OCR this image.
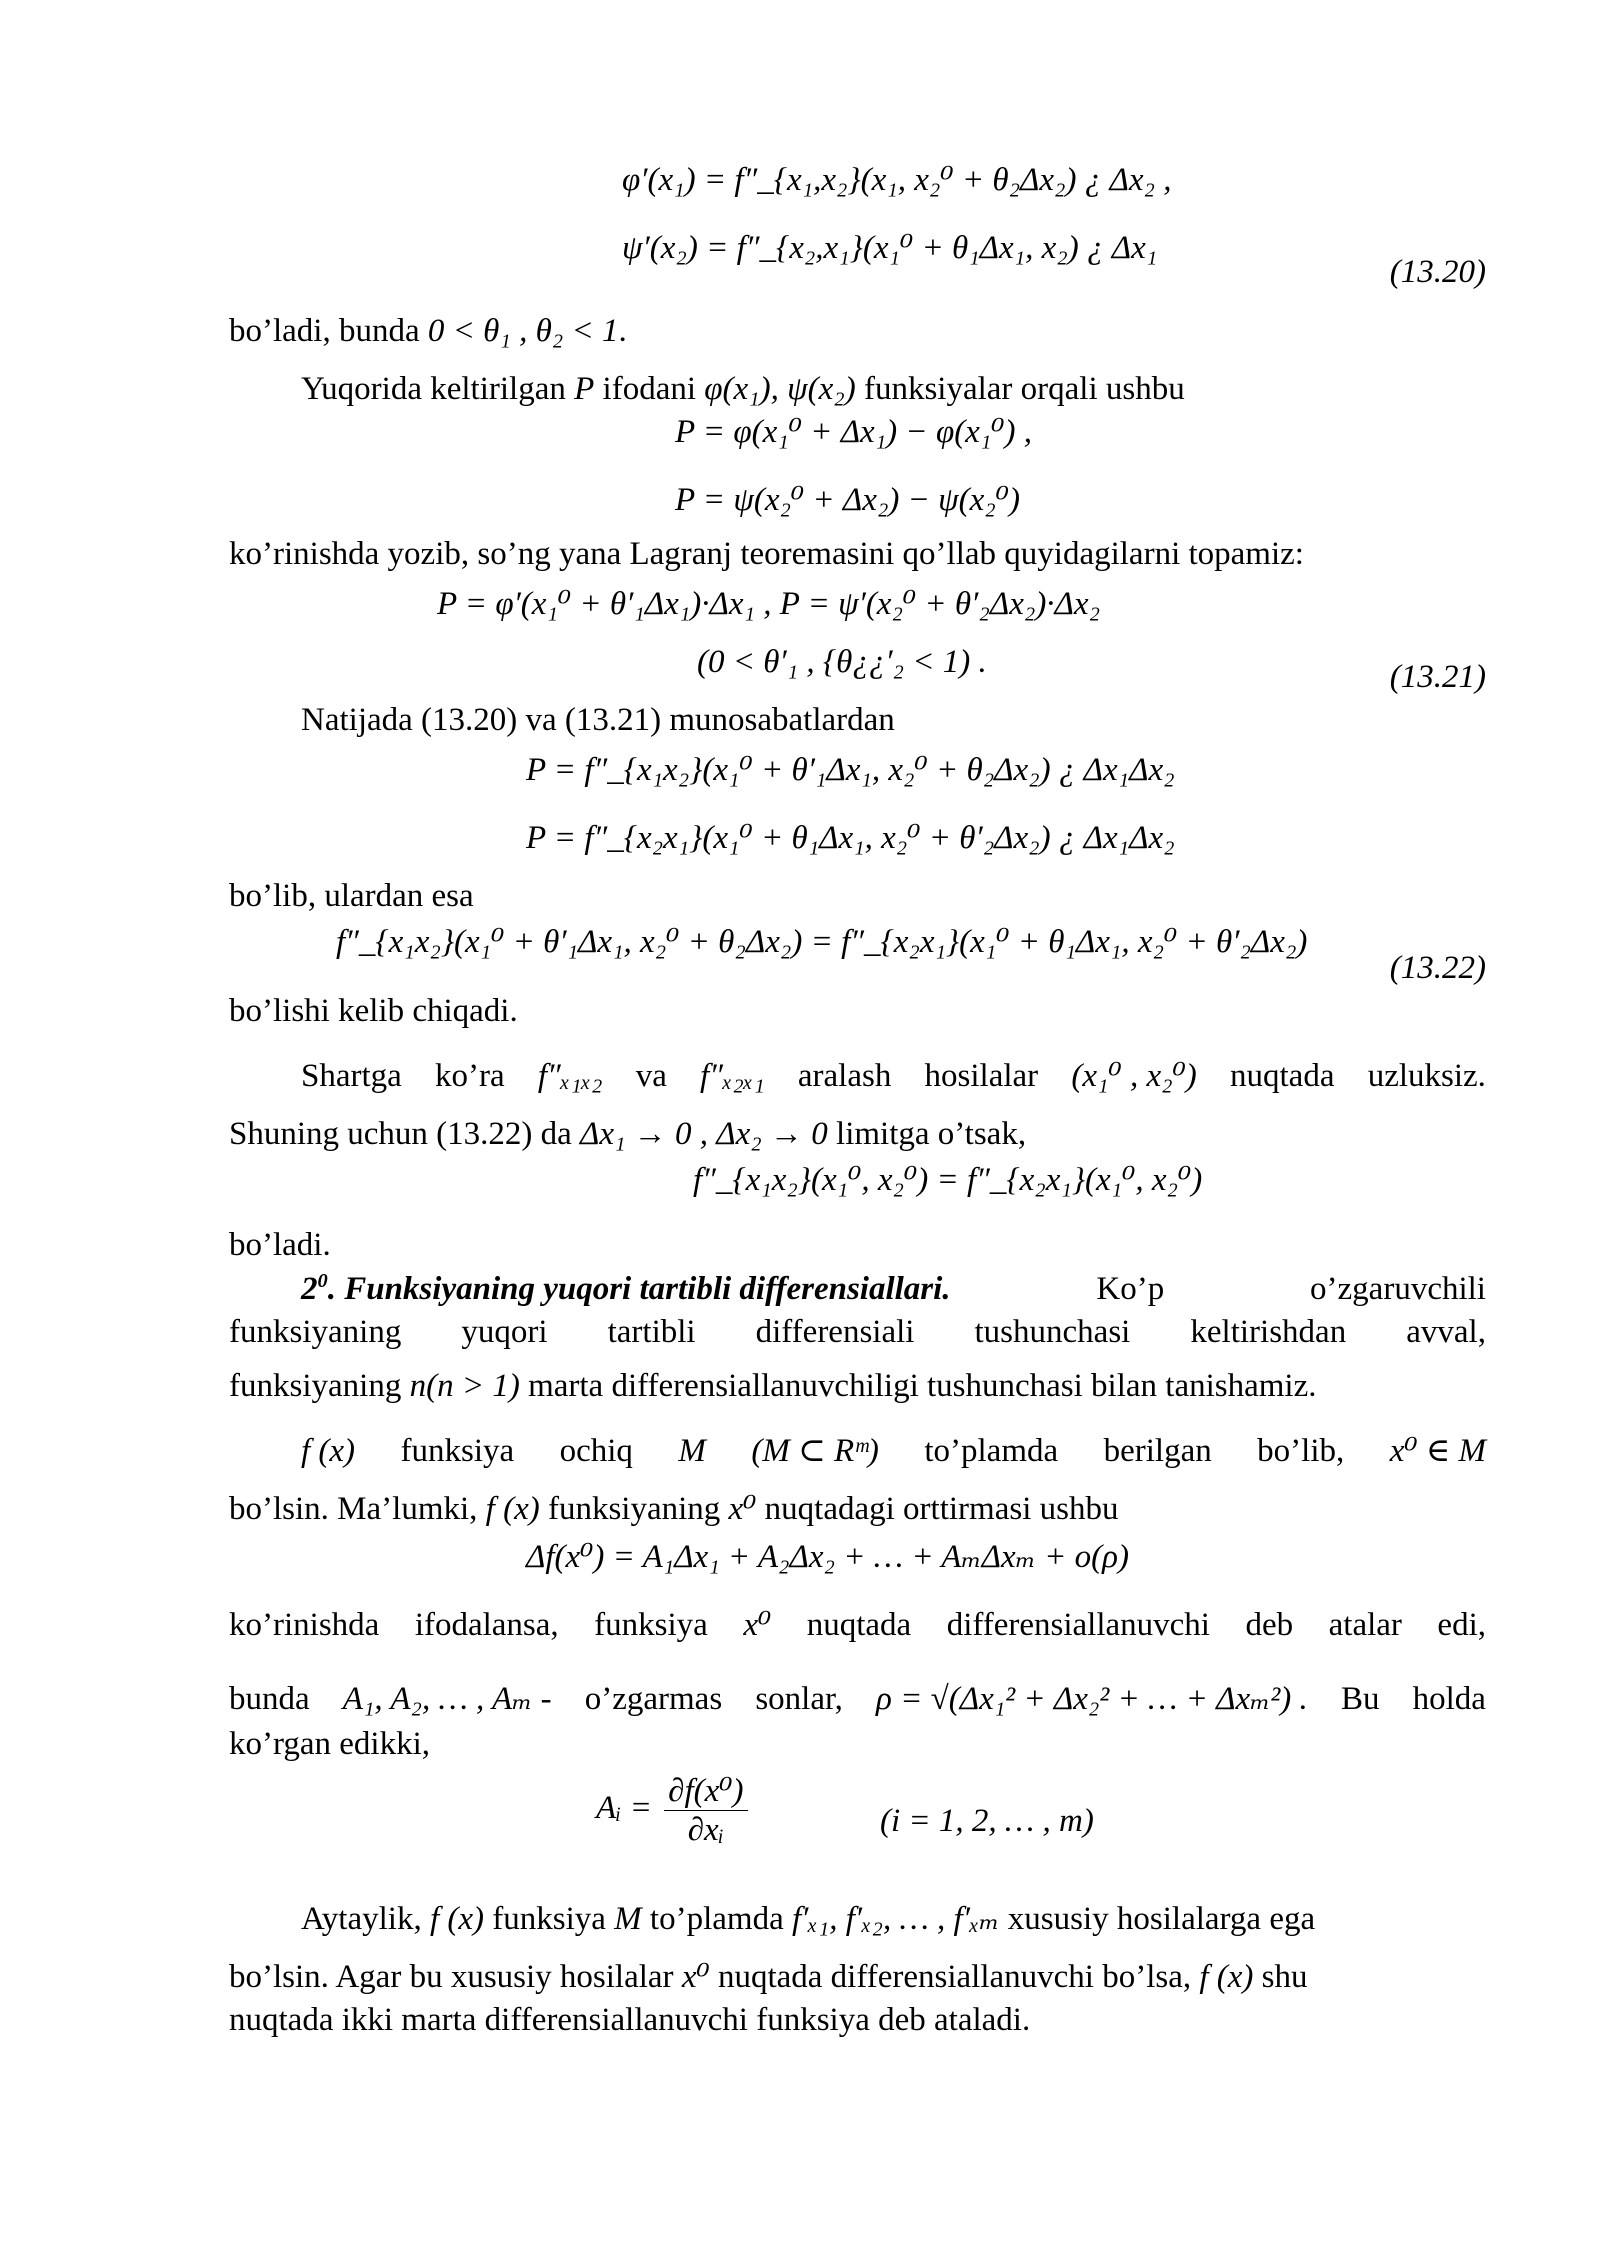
φ′(x₁) = f″_{x₁,x₂}(x₁, x₂⁰ + θ₂Δx₂) ¿ Δx₂ ,
ψ′(x₂) = f″_{x₂,x₁}(x₁⁰ + θ₁Δx₁, x₂) ¿ Δx₁
(13.20)
bo’ladi, bunda 0 < θ₁ , θ₂ < 1.
Yuqorida keltirilgan P ifodani φ(x₁), ψ(x₂) funksiyalar orqali ushbu
P = φ(x₁⁰ + Δx₁) − φ(x₁⁰) ,
P = ψ(x₂⁰ + Δx₂) − ψ(x₂⁰)
ko’rinishda yozib, so’ng yana Lagranj teoremasini qo’llab quyidagilarni topamiz:
P = φ′(x₁⁰ + θ′₁Δx₁)·Δx₁ , P = ψ′(x₂⁰ + θ′₂Δx₂)·Δx₂
(0 < θ′₁ , {θ¿¿′₂ < 1) .	(13.21)
Natijada (13.20) va (13.21) munosabatlardan
P = f″_{x₁x₂}(x₁⁰ + θ′₁Δx₁, x₂⁰ + θ₂Δx₂) ¿ Δx₁Δx₂
P = f″_{x₂x₁}(x₁⁰ + θ₁Δx₁, x₂⁰ + θ′₂Δx₂) ¿ Δx₁Δx₂
bo’lib, ulardan esa
f″_{x₁x₂}(x₁⁰ + θ′₁Δx₁, x₂⁰ + θ₂Δx₂) = f″_{x₂x₁}(x₁⁰ + θ₁Δx₁, x₂⁰ + θ′₂Δx₂)
(13.22)
bo’lishi kelib chiqadi.
Shartga ko’ra f″ₓ₁ₓ₂ va f″ₓ₂ₓ₁ aralash hosilalar (x₁⁰ , x₂⁰) nuqtada uzluksiz.
Shuning uchun (13.22) da Δx₁ → 0 , Δx₂ → 0 limitga o’tsak,
f″_{x₁x₂}(x₁⁰, x₂⁰) = f″_{x₂x₁}(x₁⁰, x₂⁰)
bo’ladi.
$2^0$. Funksiyaning yuqori tartibli differensiallari.	Ko’p	o’zgaruvchili
funksiyaning yuqori tartibli differensiali tushunchasi keltirishdan avval,
funksiyaning n(n > 1) marta differensiallanuvchiligi tushunchasi bilan tanishamiz.
f (x) funksiya ochiq M (M ⊂ Rᵐ) to’plamda berilgan bo’lib, x⁰ ∈ M
bo’lsin. Ma’lumki, f (x) funksiyaning x⁰ nuqtadagi orttirmasi ushbu
Δf(x⁰) = A₁Δx₁ + A₂Δx₂ + … + AₘΔxₘ + o(ρ)
ko’rinishda ifodalansa, funksiya x⁰ nuqtada differensiallanuvchi deb atalar edi,
bunda A₁, A₂, … , Aₘ - o’zgarmas sonlar, ρ = √(Δx₁² + Δx₂² + … + Δxₘ²) . Bu holda
ko’rgan edikki,
Aᵢ = $\frac{\text{∂f(x⁰)}}{\text{∂xᵢ}}$	(i = 1, 2, … , m)
Aytaylik, f (x) funksiya M to’plamda f′ₓ₁, f′ₓ₂, … , f′ₓₘ xususiy hosilalarga ega
bo’lsin. Agar bu xususiy hosilalar x⁰ nuqtada differensiallanuvchi bo’lsa, f (x) shu
nuqtada ikki marta differensiallanuvchi funksiya deb ataladi.
